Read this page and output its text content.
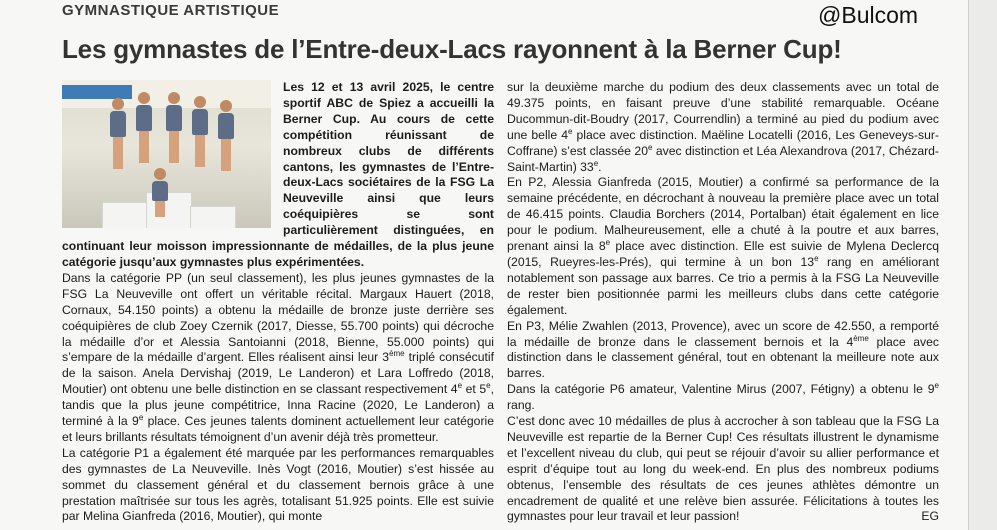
GYMNASTIQUE ARTISTIQUE	@Bulcom
Les gymnastes de l’Entre-deux-Lacs rayonnent à la Berner Cup!

Les 12 et 13 avril 2025, le centre sportif ABC de Spiez a accueilli la Berner Cup. Au cours de cette compétition réunissant de nombreux clubs de différents cantons, les gymnastes de l’Entre-deux-Lacs sociétaires de la FSG La Neuveville ainsi que leurs coéquipières se sont particulièrement distinguées, en continuant leur moisson impressionnante de médailles, de la plus jeune catégorie jusqu’aux gymnastes plus expérimentées.

Dans la catégorie PP (un seul classement), les plus jeunes gymnastes de la FSG La Neuveville ont offert un véritable récital. Margaux Hauert (2018, Cornaux, 54.150 points) a obtenu la médaille de bronze juste derrière ses coéquipières de club Zoey Czernik (2017, Diesse, 55.700 points) qui décroche la médaille d’or et Alessia Santoianni (2018, Bienne, 55.000 points) qui s’empare de la médaille d’argent. Elles réalisent ainsi leur 3ème triplé consécutif de la saison. Anela Dervishaj (2019, Le Landeron) et Lara Loffredo (2018, Moutier) ont obtenu une belle distinction en se classant respectivement 4e et 5e, tandis que la plus jeune compétitrice, Inna Racine (2020, Le Landeron) a terminé à la 9e place. Ces jeunes talents dominent actuellement leur catégorie et leurs brillants résultats témoignent d’un avenir déjà très prometteur.

La catégorie P1 a également été marquée par les performances remarquables des gymnastes de La Neuveville. Inès Vogt (2016, Moutier) s’est hissée au sommet du classement général et du classement bernois grâce à une prestation maîtrisée sur tous les agrès, totalisant 51.925 points. Elle est suivie par Melina Gianfreda (2016, Moutier), qui monte

sur la deuxième marche du podium des deux classements avec un total de 49.375 points, en faisant preuve d’une stabilité remarquable. Océane Ducommun-dit-Boudry (2017, Courrendlin) a terminé au pied du podium avec une belle 4e place avec distinction. Maëline Locatelli (2016, Les Geneveys-sur-Coffrane) s’est classée 20e avec distinction et Léa Alexandrova (2017, Chézard-Saint-Martin) 33e.

En P2, Alessia Gianfreda (2015, Moutier) a confirmé sa performance de la semaine précédente, en décrochant à nouveau la première place avec un total de 46.415 points. Claudia Borchers (2014, Portalban) était également en lice pour le podium. Malheureusement, elle a chuté à la poutre et aux barres, prenant ainsi la 8e place avec distinction. Elle est suivie de Mylena Declercq (2015, Rueyres-les-Prés), qui termine à un bon 13e rang en améliorant notablement son passage aux barres. Ce trio a permis à la FSG La Neuveville de rester bien positionnée parmi les meilleurs clubs dans cette catégorie également.

En P3, Mélie Zwahlen (2013, Provence), avec un score de 42.550, a remporté la médaille de bronze dans le classement bernois et la 4ème place avec distinction dans le classement général, tout en obtenant la meilleure note aux barres.

Dans la catégorie P6 amateur, Valentine Mirus (2007, Fétigny) a obtenu le 9e rang.

C’est donc avec 10 médailles de plus à accrocher à son tableau que la FSG La Neuveville est repartie de la Berner Cup! Ces résultats illustrent le dynamisme et l’excellent niveau du club, qui peut se réjouir d’avoir su allier performance et esprit d’équipe tout au long du week-end. En plus des nombreux podiums obtenus, l’ensemble des résultats de ces jeunes athlètes démontre un encadrement de qualité et une relève bien assurée. Félicitations à toutes les gymnastes pour leur travail et leur passion!	EG
